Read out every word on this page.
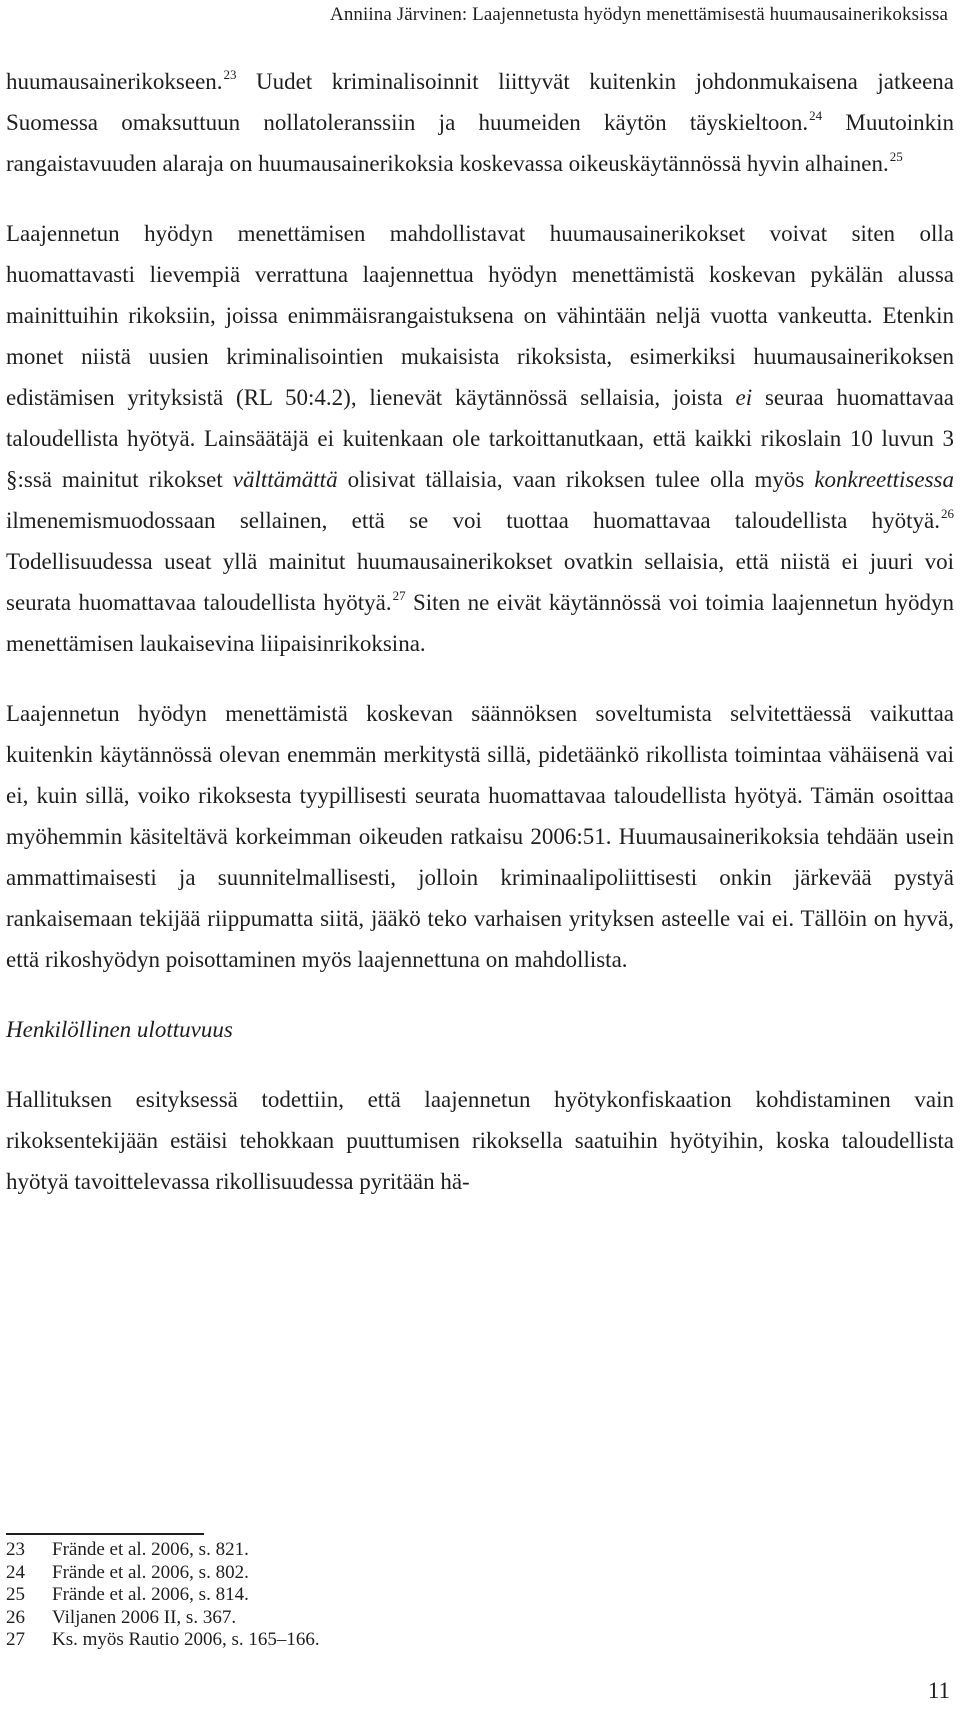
Anniina Järvinen: Laajennetusta hyödyn menettämisestä huumausainerikoksissa

huumausainerikokseen.$^{23}$ Uudet kriminalisoinnit liittyvät kuitenkin johdonmukaisena jatkeena Suomessa omaksuttuun nollatoleranssiin ja huumeiden käytön täyskieltoon.$^{24}$ Muutoinkin rangaistavuuden alaraja on huumausainerikoksia koskevassa oikeuskäytännössä hyvin alhainen.$^{25}$

Laajennetun hyödyn menettämisen mahdollistavat huumausainerikokset voivat siten olla huomattavasti lievempiä verrattuna laajennettua hyödyn menettämistä koskevan pykälän alussa mainittuihin rikoksiin, joissa enimmäisrangaistuksena on vähintään neljä vuotta vankeutta. Etenkin monet niistä uusien kriminalisointien mukaisista rikoksista, esimerkiksi huumausainerikoksen edistämisen yrityksistä (RL 50:4.2), lienevät käytännössä sellaisia, joista ei seuraa huomattavaa taloudellista hyötyä. Lainsäätäjä ei kuitenkaan ole tarkoittanutkaan, että kaikki rikoslain 10 luvun 3 §:ssä mainitut rikokset välttämättä olisivat tällaisia, vaan rikoksen tulee olla myös konkreettisessa ilmenemismuodossaan sellainen, että se voi tuottaa huomattavaa taloudellista hyötyä.$^{26}$ Todellisuudessa useat yllä mainitut huumausainerikokset ovatkin sellaisia, että niistä ei juuri voi seurata huomattavaa taloudellista hyötyä.$^{27}$ Siten ne eivät käytännössä voi toimia laajennetun hyödyn menettämisen laukaisevina liipaisinrikoksina.

Laajennetun hyödyn menettämistä koskevan säännöksen soveltumista selvitettäessä vaikuttaa kuitenkin käytännössä olevan enemmän merkitystä sillä, pidetäänkö rikollista toimintaa vähäisenä vai ei, kuin sillä, voiko rikoksesta tyypillisesti seurata huomattavaa taloudellista hyötyä. Tämän osoittaa myöhemmin käsiteltävä korkeimman oikeuden ratkaisu 2006:51. Huumausainerikoksia tehdään usein ammattimaisesti ja suunnitelmallisesti, jolloin kriminaalipoliittisesti onkin järkevää pystyä rankaisemaan tekijää riippumatta siitä, jääkö teko varhaisen yrityksen asteelle vai ei. Tällöin on hyvä, että rikoshyödyn poisottaminen myös laajennettuna on mahdollista.

Henkilöllinen ulottuvuus

Hallituksen esityksessä todettiin, että laajennetun hyötykonfiskaation kohdistaminen vain rikoksentekijään estäisi tehokkaan puuttumisen rikoksella saatuihin hyötyihin, koska taloudellista hyötyä tavoittelevassa rikollisuudessa pyritään hä-

23	Frände et al. 2006, s. 821.
24	Frände et al. 2006, s. 802.
25	Frände et al. 2006, s. 814.
26	Viljanen 2006 II, s. 367.
27	Ks. myös Rautio 2006, s. 165–166.
11
